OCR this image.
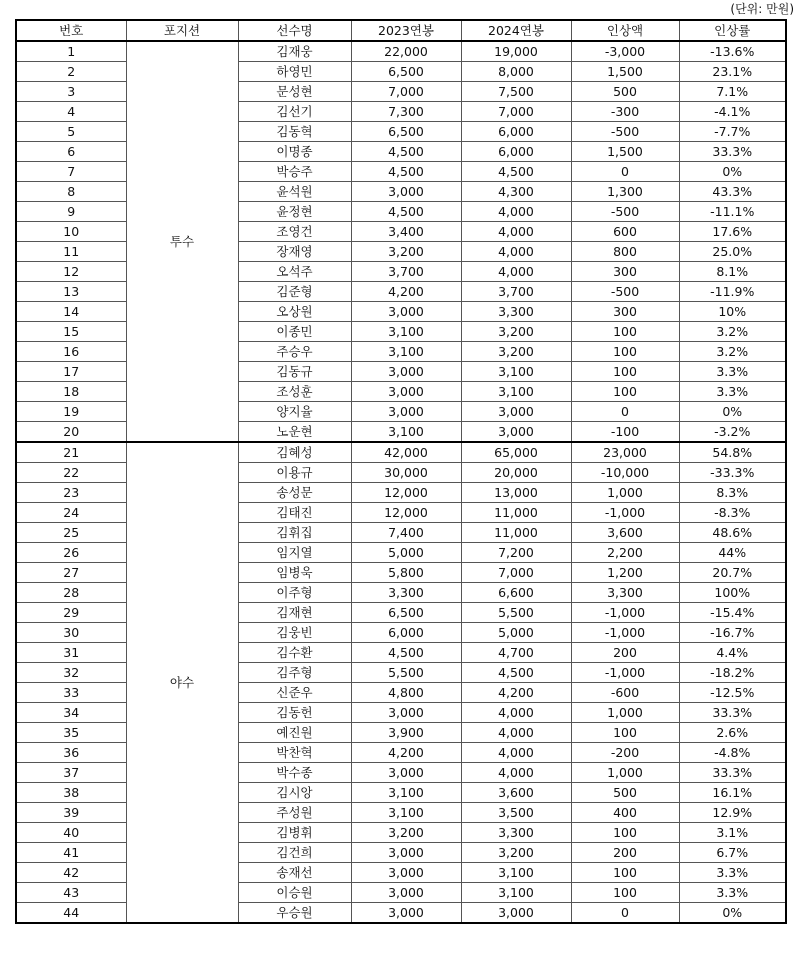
(단위: 만원)
번호	포지션	선수명	2023연봉	2024연봉	인상액	인상률
1	투수	김재웅	22,000	19,000	-3,000	-13.6%
2		하영민	6,500	8,000	1,500	23.1%
3		문성현	7,000	7,500	500	7.1%
4		김선기	7,300	7,000	-300	-4.1%
5		김동혁	6,500	6,000	-500	-7.7%
6		이명종	4,500	6,000	1,500	33.3%
7		박승주	4,500	4,500	0	0%
8		윤석원	3,000	4,300	1,300	43.3%
9		윤정현	4,500	4,000	-500	-11.1%
10		조영건	3,400	4,000	600	17.6%
11		장재영	3,200	4,000	800	25.0%
12		오석주	3,700	4,000	300	8.1%
13		김준형	4,200	3,700	-500	-11.9%
14		오상원	3,000	3,300	300	10%
15		이종민	3,100	3,200	100	3.2%
16		주승우	3,100	3,200	100	3.2%
17		김동규	3,000	3,100	100	3.3%
18		조성훈	3,000	3,100	100	3.3%
19		양지율	3,000	3,000	0	0%
20		노운현	3,100	3,000	-100	-3.2%
21	야수	김혜성	42,000	65,000	23,000	54.8%
22		이용규	30,000	20,000	-10,000	-33.3%
23		송성문	12,000	13,000	1,000	8.3%
24		김태진	12,000	11,000	-1,000	-8.3%
25		김휘집	7,400	11,000	3,600	48.6%
26		임지열	5,000	7,200	2,200	44%
27		임병욱	5,800	7,000	1,200	20.7%
28		이주형	3,300	6,600	3,300	100%
29		김재현	6,500	5,500	-1,000	-15.4%
30		김웅빈	6,000	5,000	-1,000	-16.7%
31		김수환	4,500	4,700	200	4.4%
32		김주형	5,500	4,500	-1,000	-18.2%
33		신준우	4,800	4,200	-600	-12.5%
34		김동헌	3,000	4,000	1,000	33.3%
35		예진원	3,900	4,000	100	2.6%
36		박찬혁	4,200	4,000	-200	-4.8%
37		박수종	3,000	4,000	1,000	33.3%
38		김시앙	3,100	3,600	500	16.1%
39		주성원	3,100	3,500	400	12.9%
40		김병휘	3,200	3,300	100	3.1%
41		김건희	3,000	3,200	200	6.7%
42		송재선	3,000	3,100	100	3.3%
43		이승원	3,000	3,100	100	3.3%
44		우승원	3,000	3,000	0	0%
